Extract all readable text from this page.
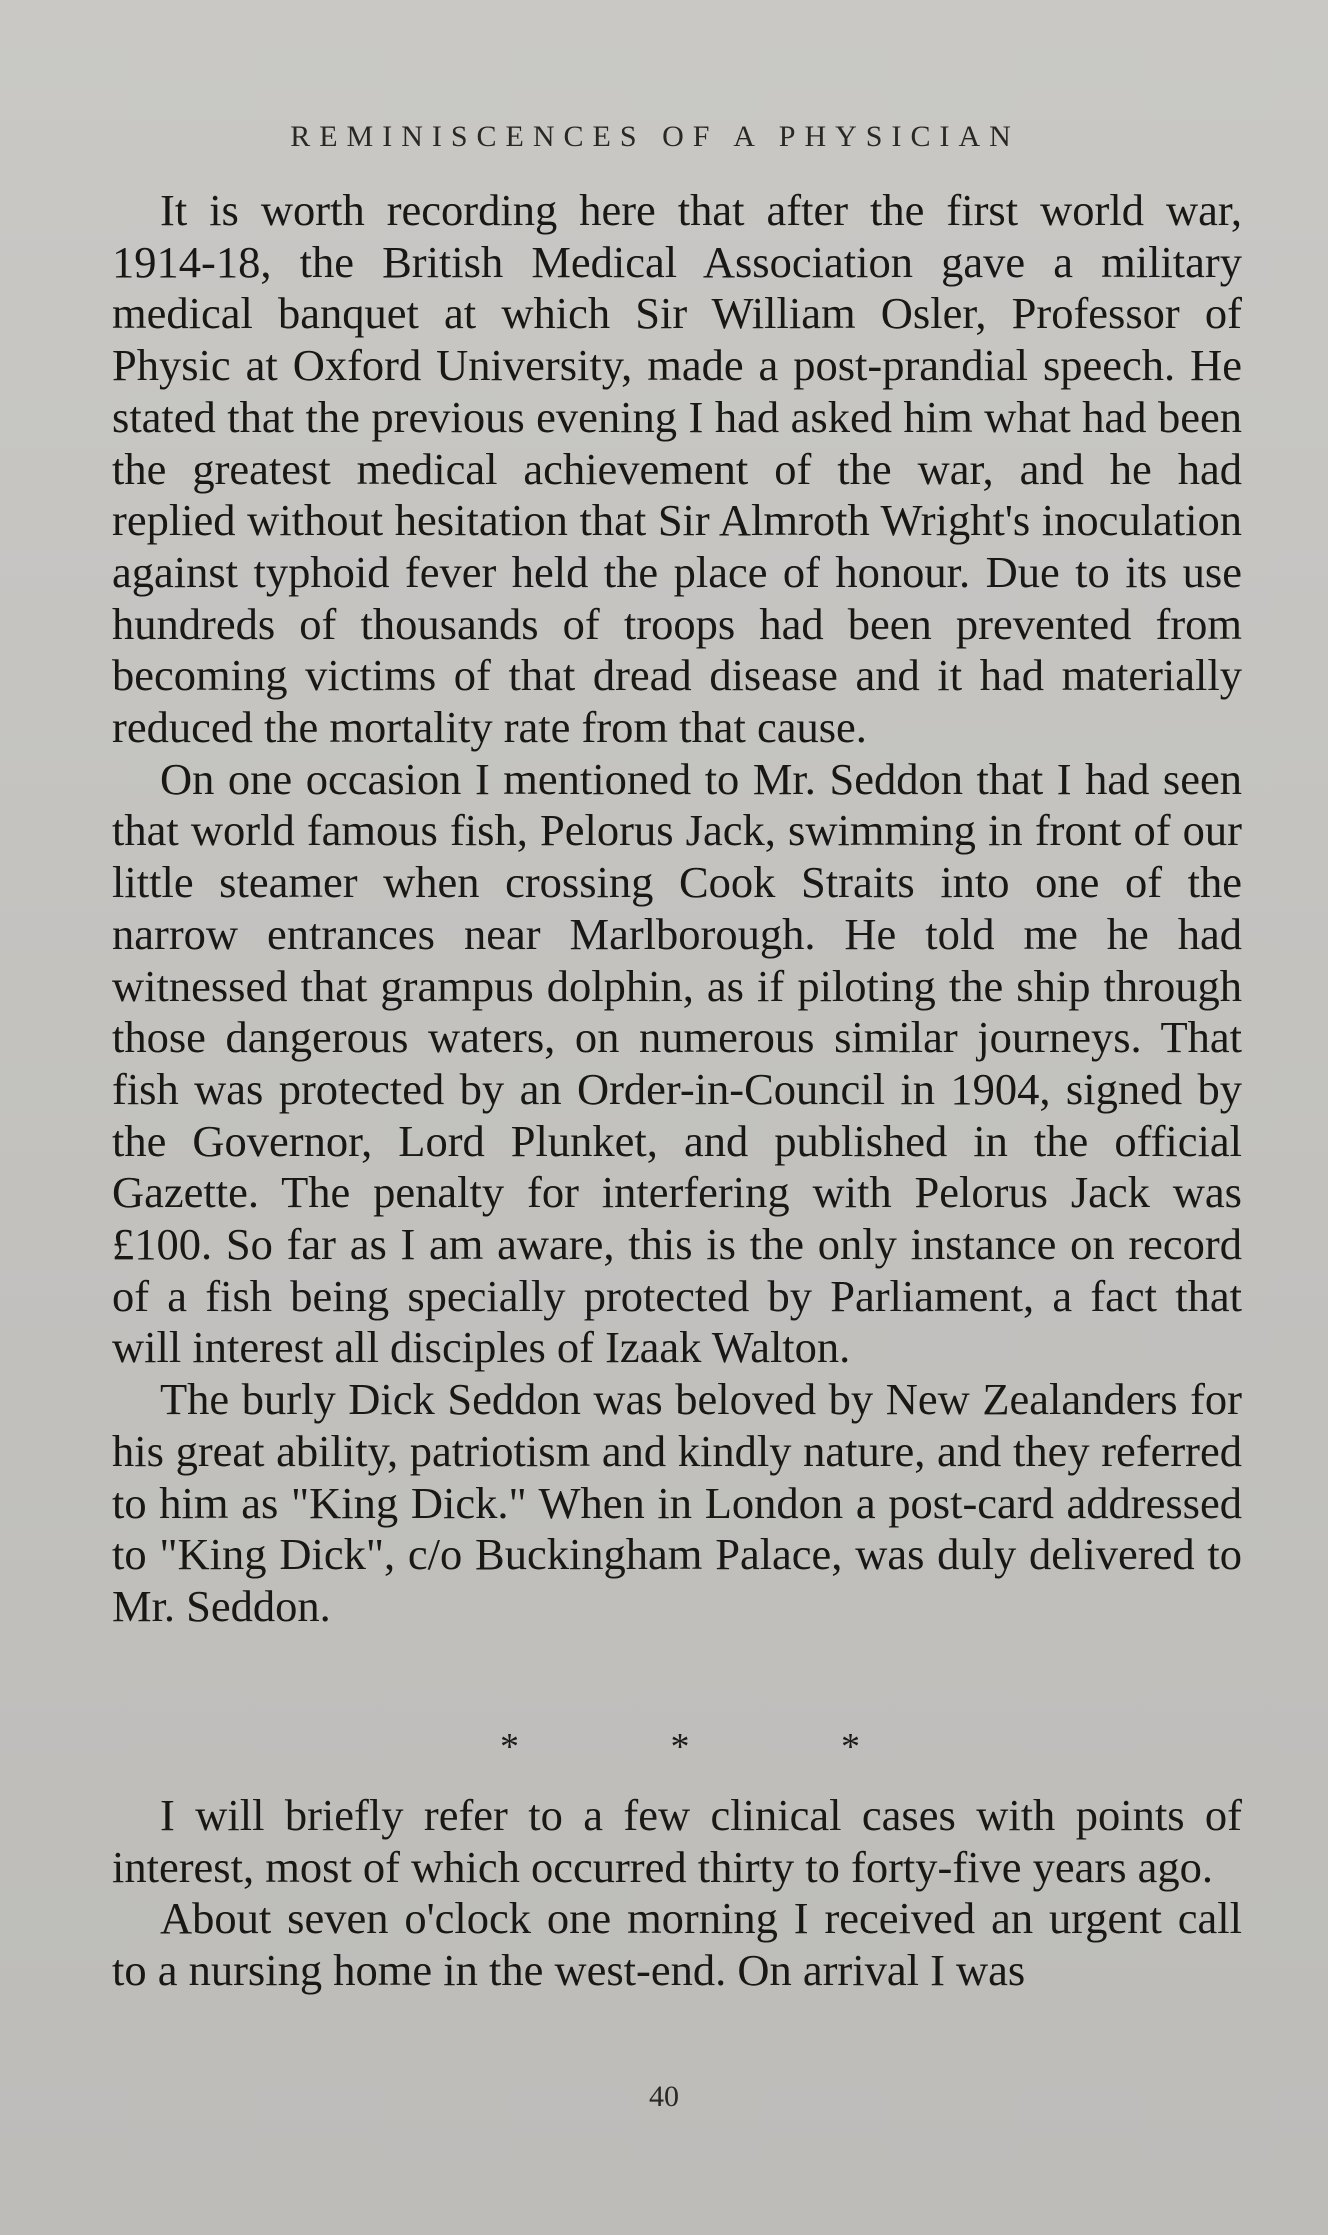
REMINISCENCES OF A PHYSICIAN

It is worth recording here that after the first world war, 1914-18, the British Medical Association gave a military medical banquet at which Sir William Osler, Professor of Physic at Oxford University, made a post-prandial speech. He stated that the previous evening I had asked him what had been the greatest medical achievement of the war, and he had replied without hesitation that Sir Almroth Wright's inoculation against typhoid fever held the place of honour. Due to its use hundreds of thousands of troops had been prevented from becoming victims of that dread disease and it had materially reduced the mortality rate from that cause.

On one occasion I mentioned to Mr. Seddon that I had seen that world famous fish, Pelorus Jack, swimming in front of our little steamer when crossing Cook Straits into one of the narrow entrances near Marlborough. He told me he had witnessed that grampus dolphin, as if piloting the ship through those dangerous waters, on numerous similar journeys. That fish was protected by an Order-in-Council in 1904, signed by the Governor, Lord Plunket, and published in the official Gazette. The penalty for interfering with Pelorus Jack was £100. So far as I am aware, this is the only instance on record of a fish being specially protected by Parliament, a fact that will interest all disciples of Izaak Walton.

The burly Dick Seddon was beloved by New Zealanders for his great ability, patriotism and kindly nature, and they referred to him as "King Dick." When in London a post-card addressed to "King Dick", c/o Buckingham Palace, was duly delivered to Mr. Seddon.

*	*	*

I will briefly refer to a few clinical cases with points of interest, most of which occurred thirty to forty-five years ago.

About seven o'clock one morning I received an urgent call to a nursing home in the west-end. On arrival I was

40
